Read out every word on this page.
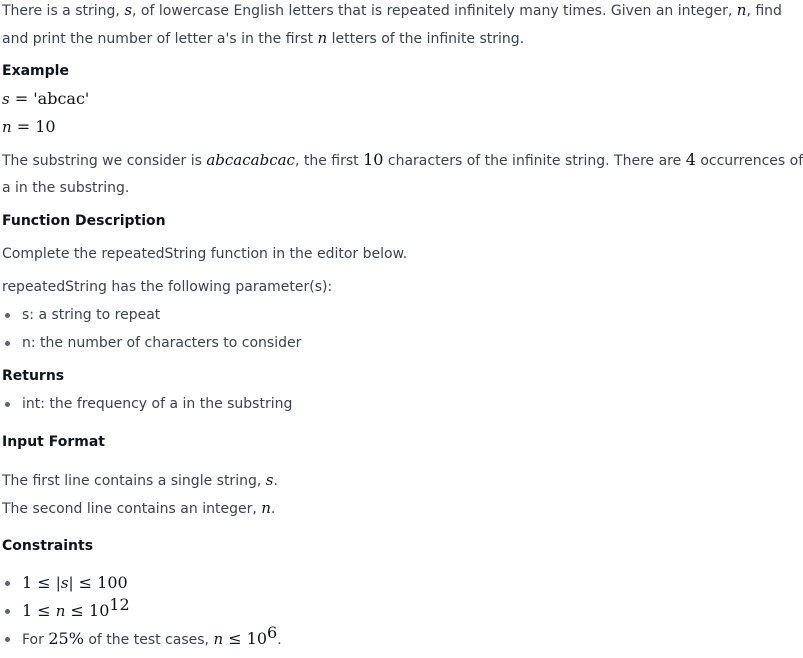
There is a string, s, of lowercase English letters that is repeated infinitely many times. Given an integer, n, find
and print the number of letter a's in the first n letters of the infinite string.
Example
s = 'abcac'
n = 10
The substring we consider is abcacabcac, the first 10 characters of the infinite string. There are 4 occurrences of
a in the substring.
Function Description
Complete the repeatedString function in the editor below.
repeatedString has the following parameter(s):
s: a string to repeat
n: the number of characters to consider
Returns
int: the frequency of a in the substring
Input Format
The first line contains a single string, s.
The second line contains an integer, n.
Constraints
1 ≤ |s| ≤ 100
$1 \le n \le 10^{12}$
For 25% of the test cases, $n \le 10^6$.
